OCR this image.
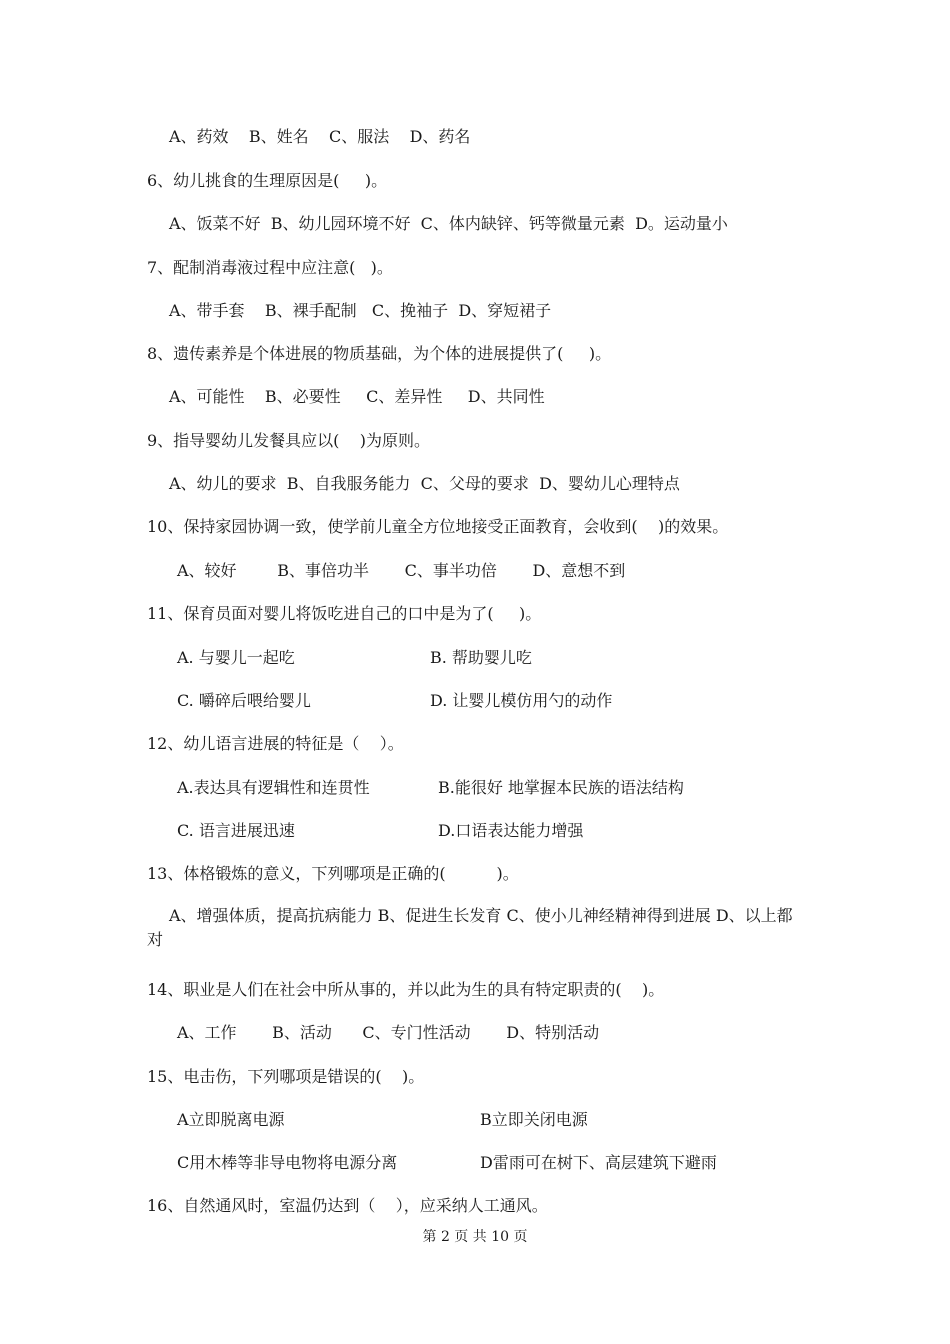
A、药效    B、姓名    C、服法    D、药名
6、幼儿挑食的生理原因是(     )。
A、饭菜不好  B、幼儿园环境不好  C、体内缺锌、钙等微量元素  D。运动量小
7、配制消毒液过程中应注意(   )。
A、带手套    B、裸手配制   C、挽袖子  D、穿短裙子
8、遗传素养是个体进展的物质基础，为个体的进展提供了(     )。
A、可能性    B、必要性     C、差异性     D、共同性
9、指导婴幼儿发餐具应以(    )为原则。
A、幼儿的要求  B、自我服务能力  C、父母的要求  D、婴幼儿心理特点
10、保持家园协调一致，使学前儿童全方位地接受正面教育，会收到(    )的效果。
A、较好        B、事倍功半       C、事半功倍       D、意想不到
11、保育员面对婴儿将饭吃进自己的口中是为了(     )。
A. 与婴儿一起吃	B. 帮助婴儿吃
C. 嚼碎后喂给婴儿	D. 让婴儿模仿用勺的动作
12、幼儿语言进展的特征是（    ）。
A.表达具有逻辑性和连贯性	B.能很好 地掌握本民族的语法结构
C. 语言进展迅速	D.口语表达能力增强
13、体格锻炼的意义，下列哪项是正确的(          )。
A、增强体质，提高抗病能力 B、促进生长发育 C、使小儿神经精神得到进展 D、以上都对
14、职业是人们在社会中所从事的，并以此为生的具有特定职责的(    )。
A、工作       B、活动      C、专门性活动       D、特别活动
15、电击伤，下列哪项是错误的(    )。
A立即脱离电源	B立即关闭电源
C用木棒等非导电物将电源分离	D雷雨可在树下、高层建筑下避雨
16、自然通风时，室温仍达到（    ），应采纳人工通风。
第 2 页 共 10 页
